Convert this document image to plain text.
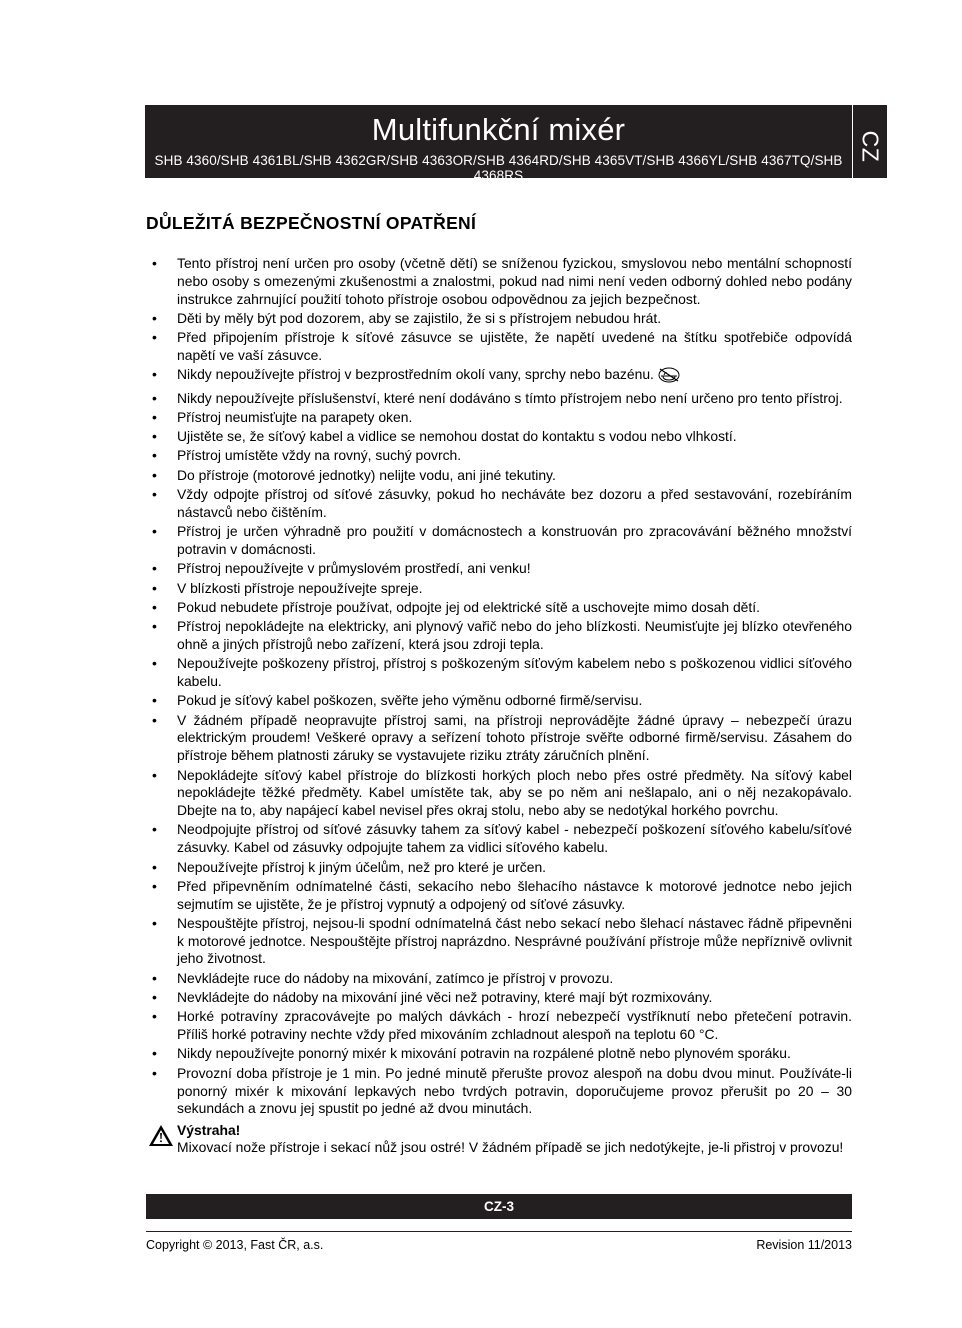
Multifunkční mixér
SHB 4360/SHB 4361BL/SHB 4362GR/SHB 4363OR/SHB 4364RD/SHB 4365VT/SHB 4366YL/SHB 4367TQ/SHB 4368RS
CZ
DŮLEŽITÁ BEZPEČNOSTNÍ OPATŘENÍ
• Tento přístroj není určen pro osoby (včetně dětí) se sníženou fyzickou, smyslovou nebo mentální schopností nebo osoby s omezenými zkušenostmi a znalostmi, pokud nad nimi není veden odborný dohled nebo podány instrukce zahrnující použití tohoto přístroje osobou odpovědnou za jejich bezpečnost.
• Děti by měly být pod dozorem, aby se zajistilo, že si s přístrojem nebudou hrát.
• Před připojením přístroje k síťové zásuvce se ujistěte, že napětí uvedené na štítku spotřebiče odpovídá napětí ve vaší zásuvce.
• Nikdy nepoužívejte přístroj v bezprostředním okolí vany, sprchy nebo bazénu.
• Nikdy nepoužívejte příslušenství, které není dodáváno s tímto přístrojem nebo není určeno pro tento přístroj.
• Přístroj neumisťujte na parapety oken.
• Ujistěte se, že síťový kabel a vidlice se nemohou dostat do kontaktu s vodou nebo vlhkostí.
• Přístroj umístěte vždy na rovný, suchý povrch.
• Do přístroje (motorové jednotky) nelijte vodu, ani jiné tekutiny.
• Vždy odpojte přístroj od síťové zásuvky, pokud ho necháváte bez dozoru a před sestavování, rozebíráním nástavců nebo čištěním.
• Přístroj je určen výhradně pro použití v domácnostech a konstruován pro zpracovávání běžného množství potravin v domácnosti.
• Přístroj nepoužívejte v průmyslovém prostředí, ani venku!
• V blízkosti přístroje nepoužívejte spreje.
• Pokud nebudete přístroje používat, odpojte jej od elektrické sítě a uschovejte mimo dosah dětí.
• Přístroj nepokládejte na elektricky, ani plynový vařič nebo do jeho blízkosti. Neumisťujte jej blízko otevřeného ohně a jiných přístrojů nebo zařízení, která jsou zdroji tepla.
• Nepoužívejte poškozeny přístroj, přístroj s poškozeným síťovým kabelem nebo s poškozenou vidlici síťového kabelu.
• Pokud je síťový kabel poškozen, svěřte jeho výměnu odborné firmě/servisu.
• V žádném případě neopravujte přístroj sami, na přístroji neprovádějte žádné úpravy – nebezpečí úrazu elektrickým proudem! Veškeré opravy a seřízení tohoto přístroje svěřte odborné firmě/servisu. Zásahem do přístroje během platnosti záruky se vystavujete riziku ztráty záručních plnění.
• Nepokládejte síťový kabel přístroje do blízkosti horkých ploch nebo přes ostré předměty. Na síťový kabel nepokládejte těžké předměty. Kabel umístěte tak, aby se po něm ani nešlapalo, ani o něj nezakopávalo. Dbejte na to, aby napájecí kabel nevisel přes okraj stolu, nebo aby se nedotýkal horkého povrchu.
• Neodpojujte přístroj od síťové zásuvky tahem za síťový kabel - nebezpečí poškození síťového kabelu/síťové zásuvky. Kabel od zásuvky odpojujte tahem za vidlici síťového kabelu.
• Nepoužívejte přístroj k jiným účelům, než pro které je určen.
• Před připevněním odnímatelné části, sekacího nebo šlehacího nástavce k motorové jednotce nebo jejich sejmutím se ujistěte, že je přístroj vypnutý a odpojený od síťové zásuvky.
• Nespouštějte přístroj, nejsou-li spodní odnímatelná část nebo sekací nebo šlehací nástavec řádně připevněni k motorové jednotce. Nespouštějte přístroj naprázdno. Nesprávné používání přístroje může nepříznivě ovlivnit jeho životnost.
• Nevkládejte ruce do nádoby na mixování, zatímco je přístroj v provozu.
• Nevkládejte do nádoby na mixování jiné věci než potraviny, které mají být rozmixovány.
• Horké potravíny zpracovávejte po malých dávkách - hrozí nebezpečí vystříknutí nebo přetečení potravin. Příliš horké potraviny nechte vždy před mixováním zchladnout alespoň na teplotu 60 °C.
• Nikdy nepoužívejte ponorný mixér k mixování potravin na rozpálené plotně nebo plynovém sporáku.
• Provozní doba přístroje je 1 min. Po jedné minutě přerušte provoz alespoň na dobu dvou minut. Používáte-li ponorný mixér k mixování lepkavých nebo tvrdých potravin, doporučujeme provoz přerušit po 20 – 30 sekundách a znovu jej spustit po jedné až dvou minutách.
Výstraha!
Mixovací nože přístroje i sekací nůž jsou ostré! V žádném případě se jich nedotýkejte, je-li přistroj v provozu!
CZ-3
Copyright © 2013, Fast ČR, a.s.	Revision 11/2013
